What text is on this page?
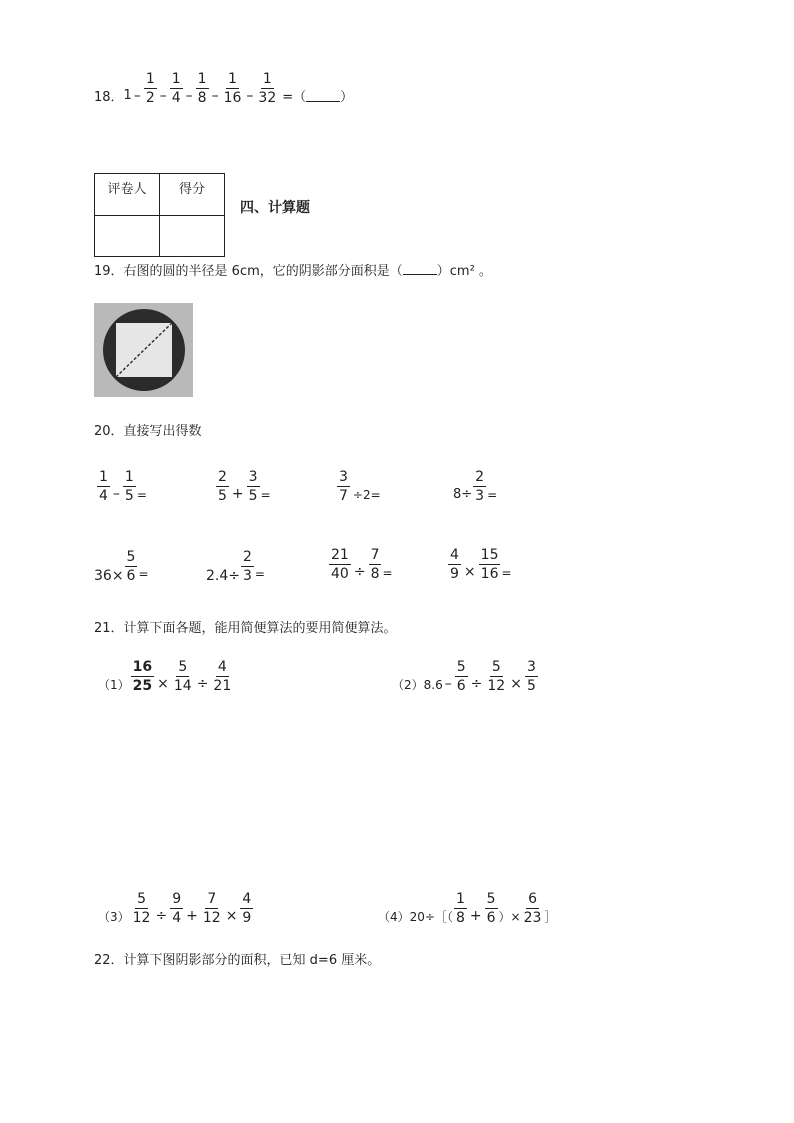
18． $1 - \frac{1}{2} - \frac{1}{4} - \frac{1}{8} - \frac{1}{16} - \frac{1}{32}$ =（	）
评卷人	得分

四、计算题
19．右图的圆的半径是 6cm，它的阴影部分面积是（	）cm² 。
20．直接写出得数
$\frac{1}{4} - \frac{1}{5}$ =	$\frac{2}{5} + \frac{3}{5}$ =	$\frac{3}{7} \div 2=$	$8\div \frac{2}{3}$ =
$36\times \frac{5}{6}$ =	$2.4\div \frac{2}{3}$ =	$\frac{21}{40} \div \frac{7}{8}$ =	$\frac{4}{9} \times \frac{15}{16}$ =
21．计算下面各题，能用简便算法的要用简便算法。
$(1) \frac{16}{25} \times \frac{5}{14} \div \frac{4}{21}$	$(2)8.6 - \frac{5}{6} \div \frac{5}{12} \times \frac{3}{5}$
$(3) \frac{5}{12} \div \frac{9}{4} + \frac{7}{12} \times \frac{4}{9}$	（4）20÷［（ $\frac{1}{8} + \frac{5}{6}$ ）× $\frac{6}{23}$ ］
22．计算下图阴影部分的面积，已知 d=6 厘米。
